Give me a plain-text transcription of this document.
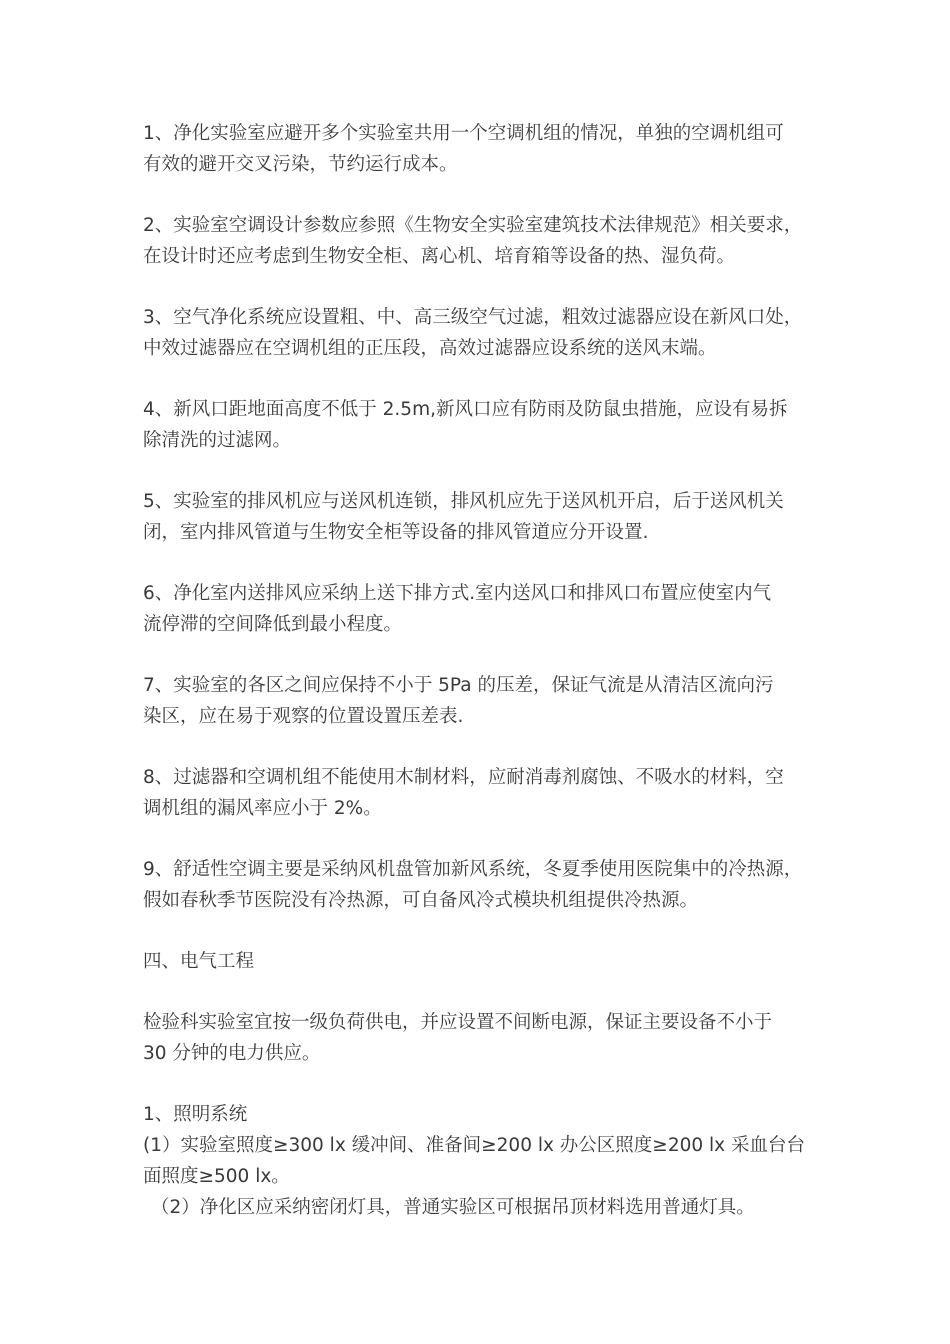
1、净化实验室应避开多个实验室共用一个空调机组的情况，单独的空调机组可
有效的避开交叉污染，节约运行成本。

2、实验室空调设计参数应参照《生物安全实验室建筑技术法律规范》相关要求，
在设计时还应考虑到生物安全柜、离心机、培育箱等设备的热、湿负荷。

3、空气净化系统应设置粗、中、高三级空气过滤，粗效过滤器应设在新风口处，
中效过滤器应在空调机组的正压段，高效过滤器应设系统的送风末端。

4、新风口距地面高度不低于 2.5m,新风口应有防雨及防鼠虫措施，应设有易拆
除清洗的过滤网。

5、实验室的排风机应与送风机连锁，排风机应先于送风机开启，后于送风机关
闭，室内排风管道与生物安全柜等设备的排风管道应分开设置.

6、净化室内送排风应采纳上送下排方式.室内送风口和排风口布置应使室内气
流停滞的空间降低到最小程度。

7、实验室的各区之间应保持不小于 5Pa 的压差，保证气流是从清洁区流向污
染区，应在易于观察的位置设置压差表.

8、过滤器和空调机组不能使用木制材料，应耐消毒剂腐蚀、不吸水的材料，空
调机组的漏风率应小于 2%。

9、舒适性空调主要是采纳风机盘管加新风系统，冬夏季使用医院集中的冷热源，
假如春秋季节医院没有冷热源，可自备风冷式模块机组提供冷热源。

四、电气工程

检验科实验室宜按一级负荷供电，并应设置不间断电源，保证主要设备不小于
30 分钟的电力供应。

1、照明系统
(1）实验室照度≥300 lx 缓冲间、准备间≥200 lx 办公区照度≥200 lx 采血台台
面照度≥500 lx。
（2）净化区应采纳密闭灯具，普通实验区可根据吊顶材料选用普通灯具。
